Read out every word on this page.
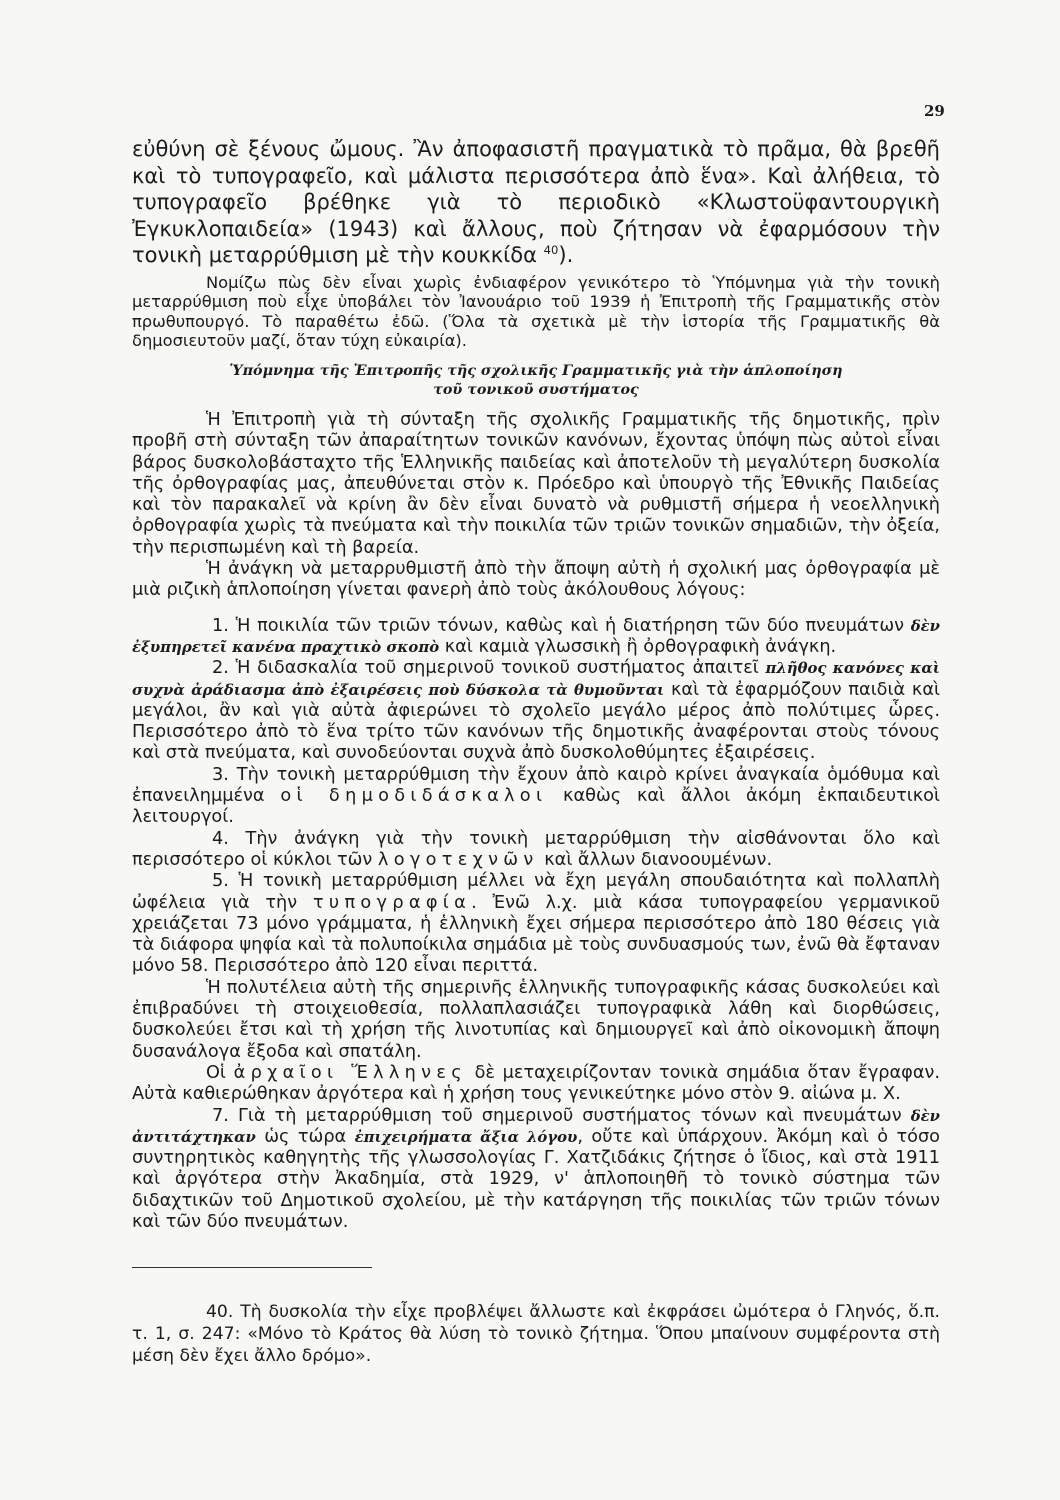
29

εὐθύνη σὲ ξένους ὤμους. Ἂν ἀποφασιστῆ πραγματικὰ τὸ πρᾶμα, θὰ βρεθῆ καὶ τὸ τυπογραφεῖο, καὶ μάλιστα περισσότερα ἀπὸ ἕνα». Καὶ ἀλήθεια, τὸ τυπογραφεῖο βρέθηκε γιὰ τὸ περιοδικὸ «Κλωστοϋφαντουργικὴ Ἐγκυκλοπαιδεία» (1943) καὶ ἄλλους, ποὺ ζήτησαν νὰ ἐφαρμόσουν τὴν τονικὴ μεταρρύθμιση μὲ τὴν κουκκίδα $^{40}$).

Νομίζω πὼς δὲν εἶναι χωρὶς ἐνδιαφέρον γενικότερο τὸ Ὑπόμνημα γιὰ τὴν τονικὴ μεταρρύθμιση ποὺ εἶχε ὑποβάλει τὸν Ἰανουάριο τοῦ 1939 ἡ Ἐπιτροπὴ τῆς Γραμματικῆς στὸν πρωθυπουργό. Τὸ παραθέτω ἐδῶ. (Ὅλα τὰ σχετικὰ μὲ τὴν ἱστορία τῆς Γραμματικῆς θὰ δημοσιευτοῦν μαζί, ὅταν τύχη εὐκαιρία).

Ὑπόμνημα τῆς Ἐπιτροπῆς τῆς σχολικῆς Γραμματικῆς γιὰ τὴν ἁπλοποίηση
τοῦ τονικοῦ συστήματος

Ἡ Ἐπιτροπὴ γιὰ τὴ σύνταξη τῆς σχολικῆς Γραμματικῆς τῆς δημοτικῆς, πρὶν προβῆ στὴ σύνταξη τῶν ἀπαραίτητων τονικῶν κανόνων, ἔχοντας ὑπόψη πὼς αὐτοὶ εἶναι βάρος δυσκολοβάσταχτο τῆς Ἑλληνικῆς παιδείας καὶ ἀποτελοῦν τὴ μεγαλύτερη δυσκολία τῆς ὀρθογραφίας μας, ἀπευθύνεται στὸν κ. Πρόεδρο καὶ ὑπουργὸ τῆς Ἐθνικῆς Παιδείας καὶ τὸν παρακαλεῖ νὰ κρίνη ἂν δὲν εἶναι δυνατὸ νὰ ρυθμιστῆ σήμερα ἡ νεοελληνικὴ ὀρθογραφία χωρὶς τὰ πνεύματα καὶ τὴν ποικιλία τῶν τριῶν τονικῶν σημαδιῶν, τὴν ὀξεία, τὴν περισπωμένη καὶ τὴ βαρεία.

Ἡ ἀνάγκη νὰ μεταρρυθμιστῆ ἀπὸ τὴν ἄποψη αὐτὴ ἡ σχολική μας ὀρθογραφία μὲ μιὰ ριζικὴ ἁπλοποίηση γίνεται φανερὴ ἀπὸ τοὺς ἀκόλουθους λόγους:

1. Ἡ ποικιλία τῶν τριῶν τόνων, καθὼς καὶ ἡ διατήρηση τῶν δύο πνευμάτων δὲν ἐξυπηρετεῖ κανένα πραχτικὸ σκοπὸ καὶ καμιὰ γλωσσικὴ ἢ ὀρθογραφικὴ ἀνάγκη.

2. Ἡ διδασκαλία τοῦ σημερινοῦ τονικοῦ συστήματος ἀπαιτεῖ πλῆθος κανόνες καὶ συχνὰ ἀράδιασμα ἀπὸ ἐξαιρέσεις ποὺ δύσκολα τὰ θυμοῦνται καὶ τὰ ἐφαρμόζουν παιδιὰ καὶ μεγάλοι, ἂν καὶ γιὰ αὐτὰ ἀφιερώνει τὸ σχολεῖο μεγάλο μέρος ἀπὸ πολύτιμες ὧρες. Περισσότερο ἀπὸ τὸ ἕνα τρίτο τῶν κανόνων τῆς δημοτικῆς ἀναφέρονται στοὺς τόνους καὶ στὰ πνεύματα, καὶ συνοδεύονται συχνὰ ἀπὸ δυσκολοθύμητες ἐξαιρέσεις.

3. Τὴν τονικὴ μεταρρύθμιση τὴν ἔχουν ἀπὸ καιρὸ κρίνει ἀναγκαία ὁμόθυμα καὶ ἐπανειλημμένα οἱ δημοδιδάσκαλοι καθὼς καὶ ἄλλοι ἀκόμη ἐκπαιδευτικοὶ λειτουργοί.

4. Τὴν ἀνάγκη γιὰ τὴν τονικὴ μεταρρύθμιση τὴν αἰσθάνονται ὅλο καὶ περισσότερο οἱ κύκλοι τῶν λογοτεχνῶν καὶ ἄλλων διανοουμένων.

5. Ἡ τονικὴ μεταρρύθμιση μέλλει νὰ ἔχη μεγάλη σπουδαιότητα καὶ πολλαπλὴ ὠφέλεια γιὰ τὴν τυπογραφία. Ἐνῶ λ.χ. μιὰ κάσα τυπογραφείου γερμανικοῦ χρειάζεται 73 μόνο γράμματα, ἡ ἑλληνικὴ ἔχει σήμερα περισσότερο ἀπὸ 180 θέσεις γιὰ τὰ διάφορα ψηφία καὶ τὰ πολυποίκιλα σημάδια μὲ τοὺς συνδυασμούς των, ἐνῶ θὰ ἔφταναν μόνο 58. Περισσότερο ἀπὸ 120 εἶναι περιττά.

Ἡ πολυτέλεια αὐτὴ τῆς σημερινῆς ἑλληνικῆς τυπογραφικῆς κάσας δυσκολεύει καὶ ἐπιβραδύνει τὴ στοιχειοθεσία, πολλαπλασιάζει τυπογραφικὰ λάθη καὶ διορθώσεις, δυσκολεύει ἔτσι καὶ τὴ χρήση τῆς λινοτυπίας καὶ δημιουργεῖ καὶ ἀπὸ οἰκονομικὴ ἄποψη δυσανάλογα ἔξοδα καὶ σπατάλη.

Οἱ ἀρχαῖοι Ἕλληνες δὲ μεταχειρίζονταν τονικὰ σημάδια ὅταν ἔγραφαν. Αὐτὰ καθιερώθηκαν ἀργότερα καὶ ἡ χρήση τους γενικεύτηκε μόνο στὸν 9. αἰώνα μ. Χ.

7. Γιὰ τὴ μεταρρύθμιση τοῦ σημερινοῦ συστήματος τόνων καὶ πνευμάτων δὲν ἀντιτάχτηκαν ὡς τώρα ἐπιχειρήματα ἄξια λόγου, οὔτε καὶ ὑπάρχουν. Ἀκόμη καὶ ὁ τόσο συντηρητικὸς καθηγητὴς τῆς γλωσσολογίας Γ. Χατζιδάκις ζήτησε ὁ ἴδιος, καὶ στὰ 1911 καὶ ἀργότερα στὴν Ἀκαδημία, στὰ 1929, ν' ἁπλοποιηθῆ τὸ τονικὸ σύστημα τῶν διδαχτικῶν τοῦ Δημοτικοῦ σχολείου, μὲ τὴν κατάργηση τῆς ποικιλίας τῶν τριῶν τόνων καὶ τῶν δύο πνευμάτων.

40. Τὴ δυσκολία τὴν εἶχε προβλέψει ἄλλωστε καὶ ἐκφράσει ὠμότερα ὁ Γληνός, ὅ.π. τ. 1, σ. 247: «Μόνο τὸ Κράτος θὰ λύση τὸ τονικὸ ζήτημα. Ὅπου μπαίνουν συμφέροντα στὴ μέση δὲν ἔχει ἄλλο δρόμο».
